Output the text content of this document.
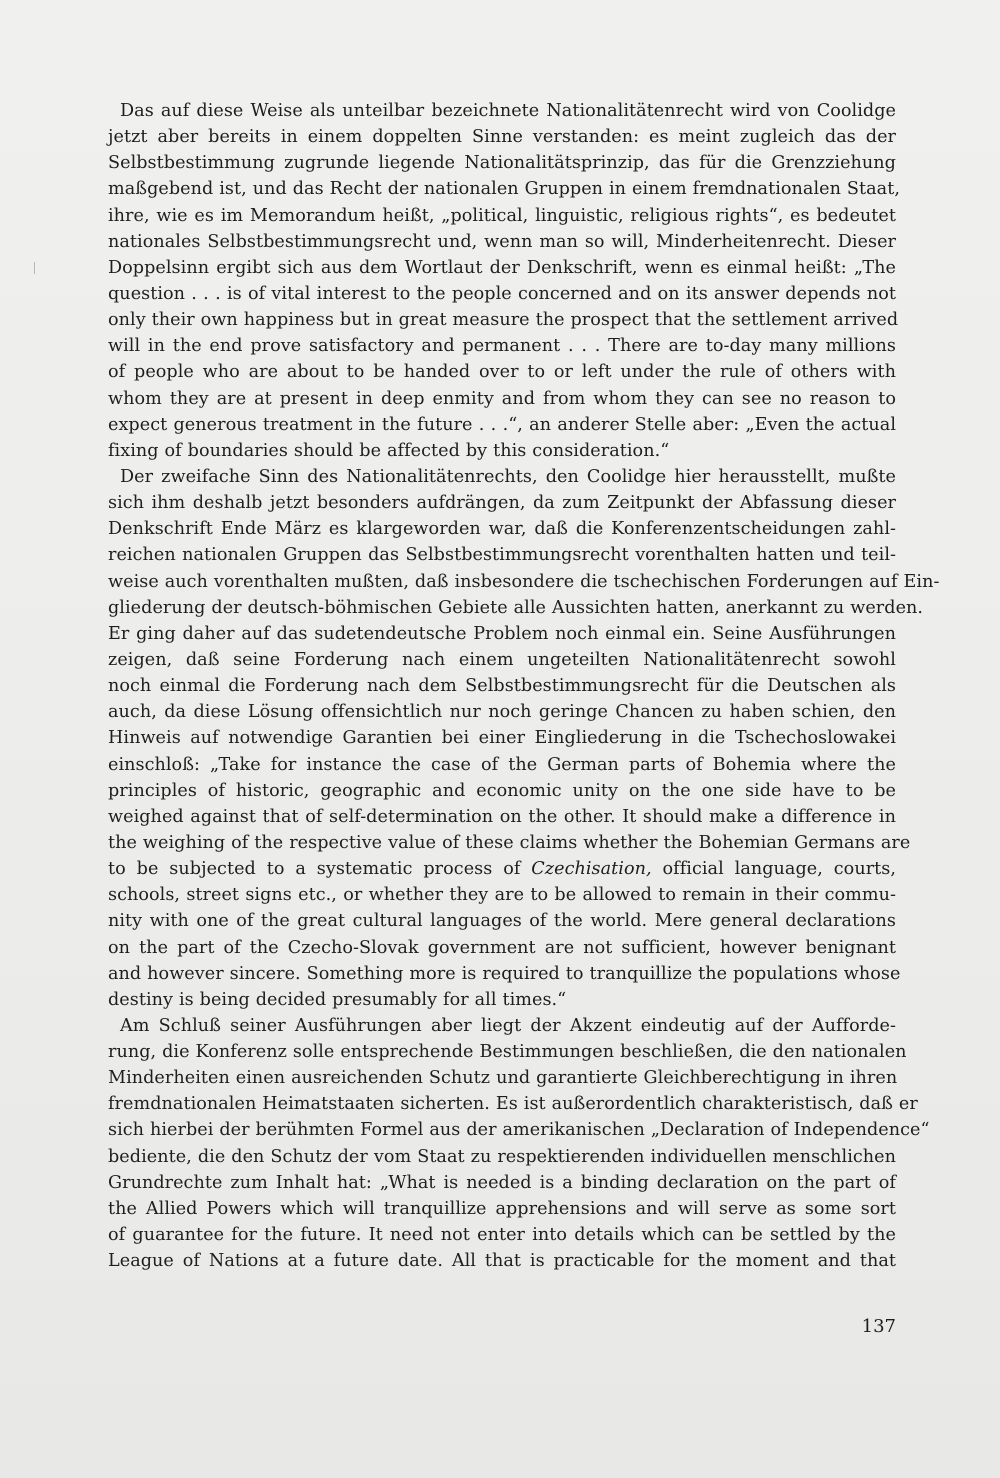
Das auf diese Weise als unteilbar bezeichnete Nationalitätenrecht wird von Coolidge
jetzt aber bereits in einem doppelten Sinne verstanden: es meint zugleich das der
Selbstbestimmung zugrunde liegende Nationalitätsprinzip, das für die Grenzziehung
maßgebend ist, und das Recht der nationalen Gruppen in einem fremdnationalen Staat,
ihre, wie es im Memorandum heißt, „political, linguistic, religious rights“, es bedeutet
nationales Selbstbestimmungsrecht und, wenn man so will, Minderheitenrecht. Dieser
Doppelsinn ergibt sich aus dem Wortlaut der Denkschrift, wenn es einmal heißt: „The
question . . . is of vital interest to the people concerned and on its answer depends not
only their own happiness but in great measure the prospect that the settlement arrived
will in the end prove satisfactory and permanent . . . There are to-day many millions
of people who are about to be handed over to or left under the rule of others with
whom they are at present in deep enmity and from whom they can see no reason to
expect generous treatment in the future . . .“, an anderer Stelle aber: „Even the actual
fixing of boundaries should be affected by this consideration.“
Der zweifache Sinn des Nationalitätenrechts, den Coolidge hier herausstellt, mußte
sich ihm deshalb jetzt besonders aufdrängen, da zum Zeitpunkt der Abfassung dieser
Denkschrift Ende März es klargeworden war, daß die Konferenzentscheidungen zahl-
reichen nationalen Gruppen das Selbstbestimmungsrecht vorenthalten hatten und teil-
weise auch vorenthalten mußten, daß insbesondere die tschechischen Forderungen auf Ein-
gliederung der deutsch-böhmischen Gebiete alle Aussichten hatten, anerkannt zu werden.
Er ging daher auf das sudetendeutsche Problem noch einmal ein. Seine Ausführungen
zeigen, daß seine Forderung nach einem ungeteilten Nationalitätenrecht sowohl
noch einmal die Forderung nach dem Selbstbestimmungsrecht für die Deutschen als
auch, da diese Lösung offensichtlich nur noch geringe Chancen zu haben schien, den
Hinweis auf notwendige Garantien bei einer Eingliederung in die Tschechoslowakei
einschloß: „Take for instance the case of the German parts of Bohemia where the
principles of historic, geographic and economic unity on the one side have to be
weighed against that of self-determination on the other. It should make a difference in
the weighing of the respective value of these claims whether the Bohemian Germans are
to be subjected to a systematic process of Czechisation, official language, courts,
schools, street signs etc., or whether they are to be allowed to remain in their commu-
nity with one of the great cultural languages of the world. Mere general declarations
on the part of the Czecho-Slovak government are not sufficient, however benignant
and however sincere. Something more is required to tranquillize the populations whose
destiny is being decided presumably for all times.“
Am Schluß seiner Ausführungen aber liegt der Akzent eindeutig auf der Aufforde-
rung, die Konferenz solle entsprechende Bestimmungen beschließen, die den nationalen
Minderheiten einen ausreichenden Schutz und garantierte Gleichberechtigung in ihren
fremdnationalen Heimatstaaten sicherten. Es ist außerordentlich charakteristisch, daß er
sich hierbei der berühmten Formel aus der amerikanischen „Declaration of Independence“
bediente, die den Schutz der vom Staat zu respektierenden individuellen menschlichen
Grundrechte zum Inhalt hat: „What is needed is a binding declaration on the part of
the Allied Powers which will tranquillize apprehensions and will serve as some sort
of guarantee for the future. It need not enter into details which can be settled by the
League of Nations at a future date. All that is practicable for the moment and that
137
